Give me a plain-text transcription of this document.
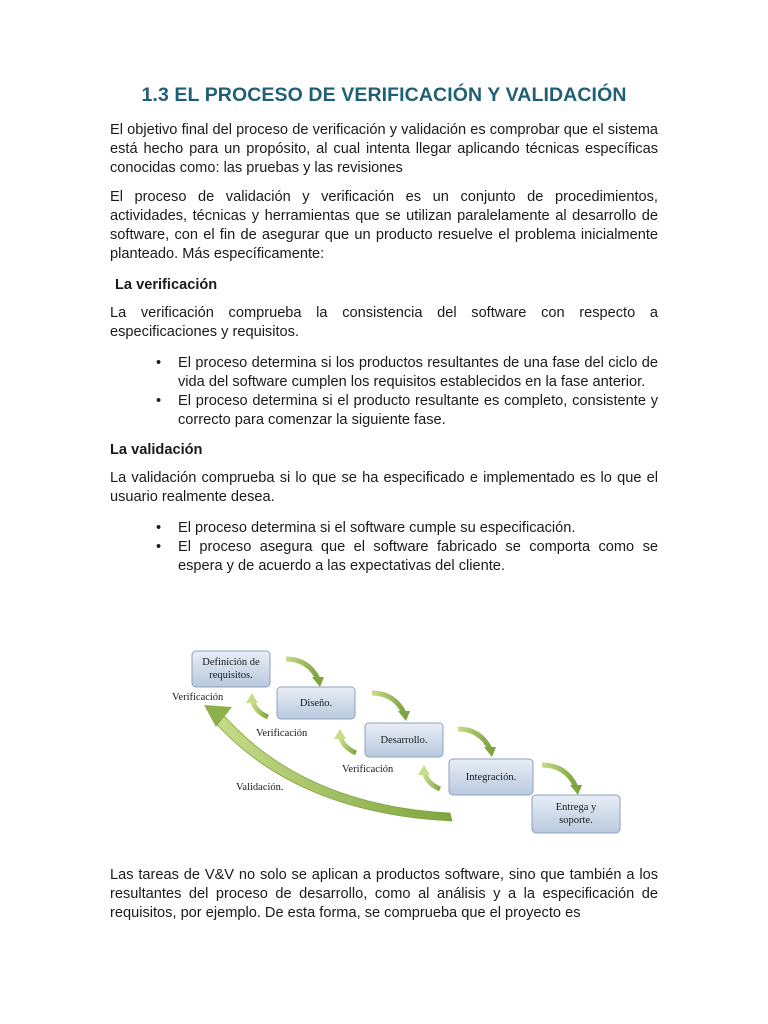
1.3 EL PROCESO DE VERIFICACIÓN Y VALIDACIÓN

El objetivo final del proceso de verificación y validación es comprobar que el sistema está hecho para un propósito, al cual intenta llegar aplicando técnicas específicas conocidas como: las pruebas y las revisiones

El proceso de validación y verificación es un conjunto de procedimientos, actividades, técnicas y herramientas que se utilizan paralelamente al desarrollo de software, con el fin de asegurar que un producto resuelve el problema inicialmente planteado. Más específicamente:

La verificación

La verificación comprueba la consistencia del software con respecto a especificaciones y requisitos.

• El proceso determina si los productos resultantes de una fase del ciclo de vida del software cumplen los requisitos establecidos en la fase anterior.
• El proceso determina si el producto resultante es completo, consistente y correcto para comenzar la siguiente fase.
La validación

La validación comprueba si lo que se ha especificado e implementado es lo que el usuario realmente desea.

• El proceso determina si el software cumple su especificación.
• El proceso asegura que el software fabricado se comporta como se espera y de acuerdo a las expectativas del cliente.
Definición de
requisitos.
Diseño.
Desarrollo.
Integración.
Entrega y
soporte.
Verificación
Verificación
Verificación
Validación.

Las tareas de V&V no solo se aplican a productos software, sino que también a los resultantes del proceso de desarrollo, como al análisis y a la especificación de requisitos, por ejemplo. De esta forma, se comprueba que el proyecto es
